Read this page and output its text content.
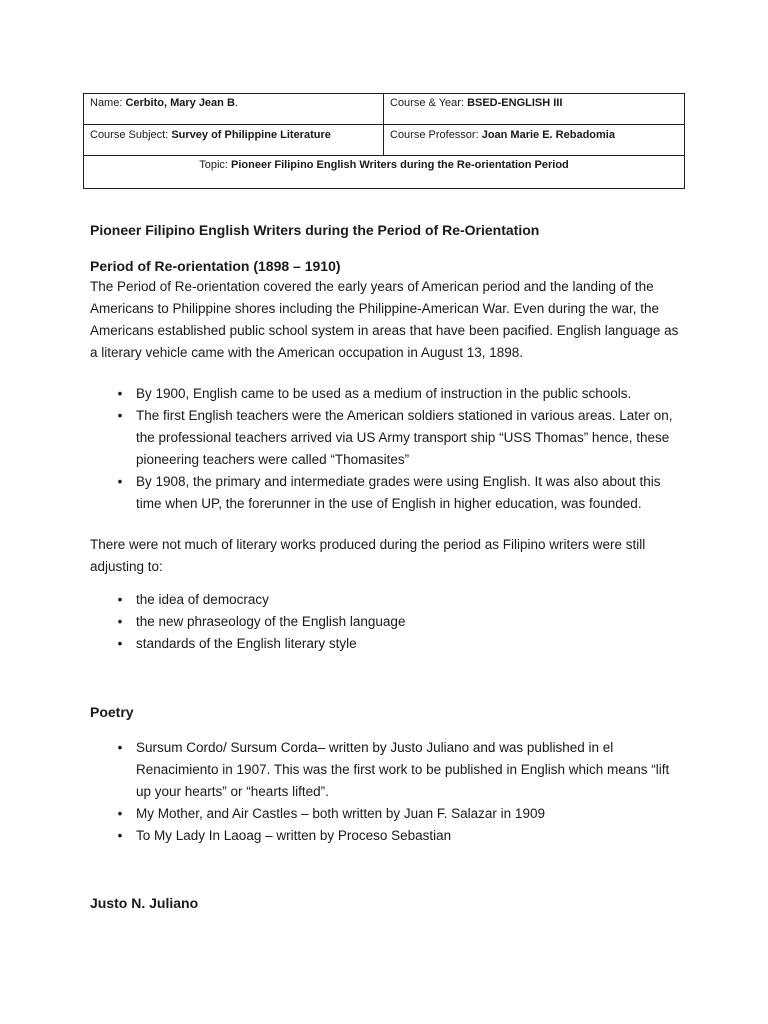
Name: Cerbito, Mary Jean B.	Course & Year: BSED-ENGLISH III
Course Subject: Survey of Philippine Literature	Course Professor: Joan Marie E. Rebadomia
Topic: Pioneer Filipino English Writers during the Re-orientation Period	
Pioneer Filipino English Writers during the Period of Re-Orientation
Period of Re-orientation (1898 – 1910)

The Period of Re-orientation covered the early years of American period and the landing of the Americans to Philippine shores including the Philippine-American War. Even during the war, the Americans established public school system in areas that have been pacified. English language as a literary vehicle came with the American occupation in August 13, 1898.

• By 1900, English came to be used as a medium of instruction in the public schools.
• The first English teachers were the American soldiers stationed in various areas. Later on, the professional teachers arrived via US Army transport ship “USS Thomas” hence, these pioneering teachers were called “Thomasites”
• By 1908, the primary and intermediate grades were using English. It was also about this time when UP, the forerunner in the use of English in higher education, was founded.

There were not much of literary works produced during the period as Filipino writers were still adjusting to:

• the idea of democracy
• the new phraseology of the English language
• standards of the English literary style
Poetry
• Sursum Cordo/ Sursum Corda– written by Justo Juliano and was published in el Renacimiento in 1907. This was the first work to be published in English which means “lift up your hearts” or “hearts lifted”.
• My Mother, and Air Castles – both written by Juan F. Salazar in 1909
• To My Lady In Laoag – written by Proceso Sebastian
Justo N. Juliano
